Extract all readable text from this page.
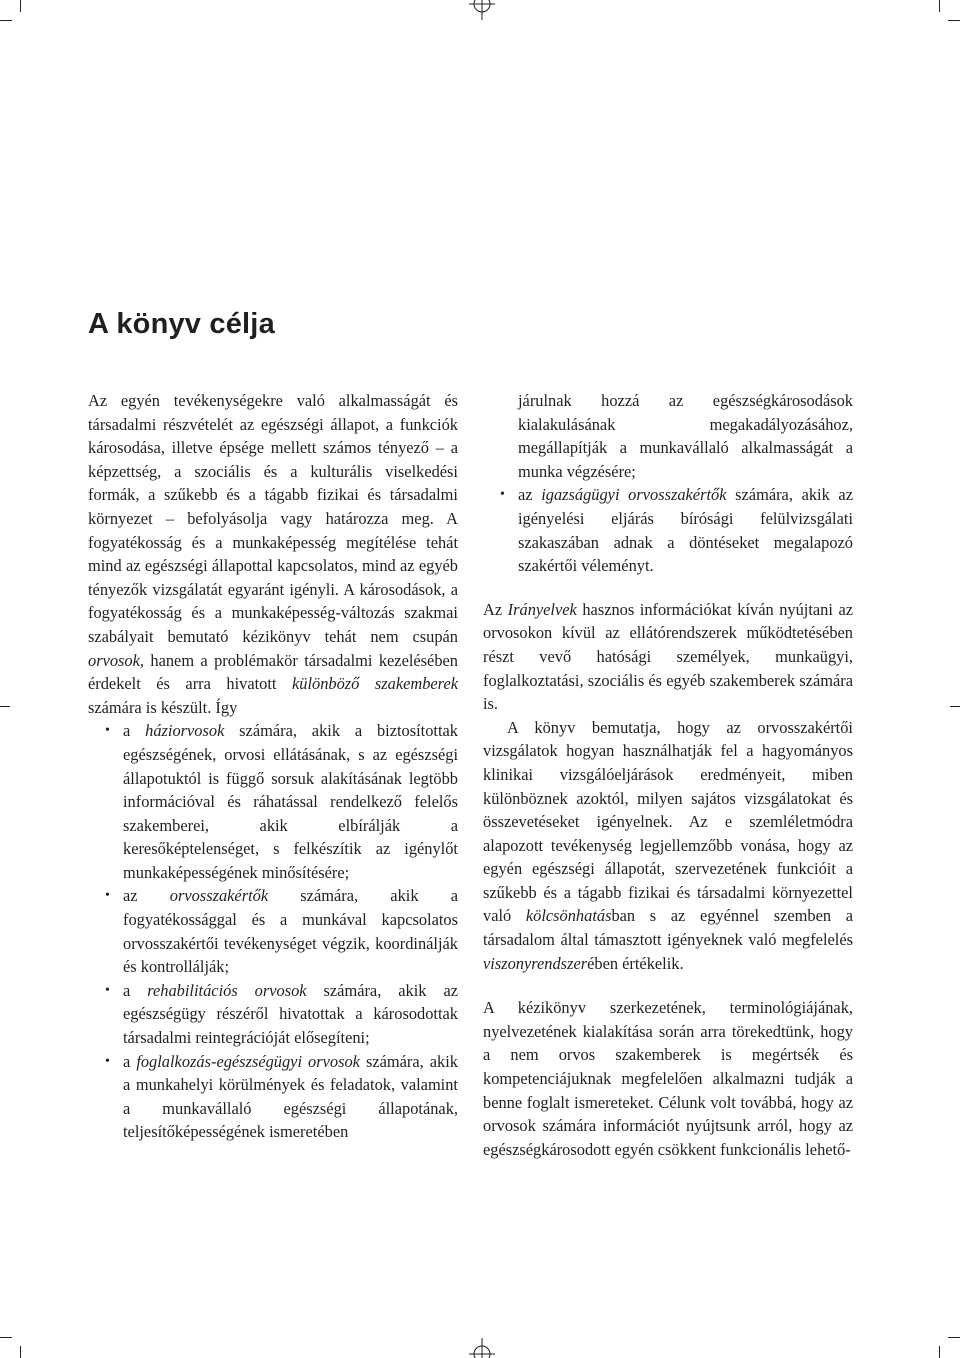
A könyv célja

Az egyén tevékenységekre való alkalmasságát és társadalmi részvételét az egészségi állapot, a funkciók károsodása, illetve épsége mellett számos tényező – a képzettség, a szociális és a kulturális viselkedési formák, a szűkebb és a tágabb fizikai és társadalmi környezet – befolyásolja vagy határozza meg. A fogyatékosság és a munkaképesség megítélése tehát mind az egészségi állapottal kapcsolatos, mind az egyéb tényezők vizsgálatát egyaránt igényli. A károsodások, a fogyatékosság és a munkaképesség-változás szakmai szabályait bemutató kézikönyv tehát nem csupán orvosok, hanem a problémakör társadalmi kezelésében érdekelt és arra hivatott különböző szakemberek számára is készült. Így

• a háziorvosok számára, akik a biztosítottak egészségének, orvosi ellátásának, s az egészségi állapotuktól is függő sorsuk alakításának legtöbb információval és ráhatással rendelkező felelős szakemberei, akik elbírálják a keresőképtelenséget, s felkészítik az igénylőt munkaképességének minősítésére;
• az orvosszakértők számára, akik a fogyatékossággal és a munkával kapcsolatos orvosszakértői tevékenységet végzik, koordinálják és kontrollálják;
• a rehabilitációs orvosok számára, akik az egészségügy részéről hivatottak a károsodottak társadalmi reintegrációját elősegíteni;
• a foglalkozás-egészségügyi orvosok számára, akik a munkahelyi körülmények és feladatok, valamint a munkavállaló egészségi állapotának, teljesítőképességének ismeretében
járulnak hozzá az egészségkárosodások kialakulásának megakadályozásához, megállapítják a munkavállaló alkalmasságát a munka végzésére;
• az igazságügyi orvosszakértők számára, akik az igényelési eljárás bírósági felülvizsgálati szakaszában adnak a döntéseket megalapozó szakértői véleményt.

Az Irányelvek hasznos információkat kíván nyújtani az orvosokon kívül az ellátórendszerek működtetésében részt vevő hatósági személyek, munkaügyi, foglalkoztatási, szociális és egyéb szakemberek számára is.

A könyv bemutatja, hogy az orvosszakértői vizsgálatok hogyan használhatják fel a hagyományos klinikai vizsgálóeljárások eredményeit, miben különböznek azoktól, milyen sajátos vizsgálatokat és összevetéseket igényelnek. Az e szemléletmódra alapozott tevékenység legjellemzőbb vonása, hogy az egyén egészségi állapotát, szervezetének funkcióit a szűkebb és a tágabb fizikai és társadalmi környezettel való kölcsönhatásban s az egyénnel szemben a társadalom által támasztott igényeknek való megfelelés viszonyrendszerében értékelik.

A kézikönyv szerkezetének, terminológiájának, nyelvezetének kialakítása során arra törekedtünk, hogy a nem orvos szakemberek is megértsék és kompetenciájuknak megfelelően alkalmazni tudják a benne foglalt ismereteket. Célunk volt továbbá, hogy az orvosok számára információt nyújtsunk arról, hogy az egészségkárosodott egyén csökkent funkcionális lehető-
